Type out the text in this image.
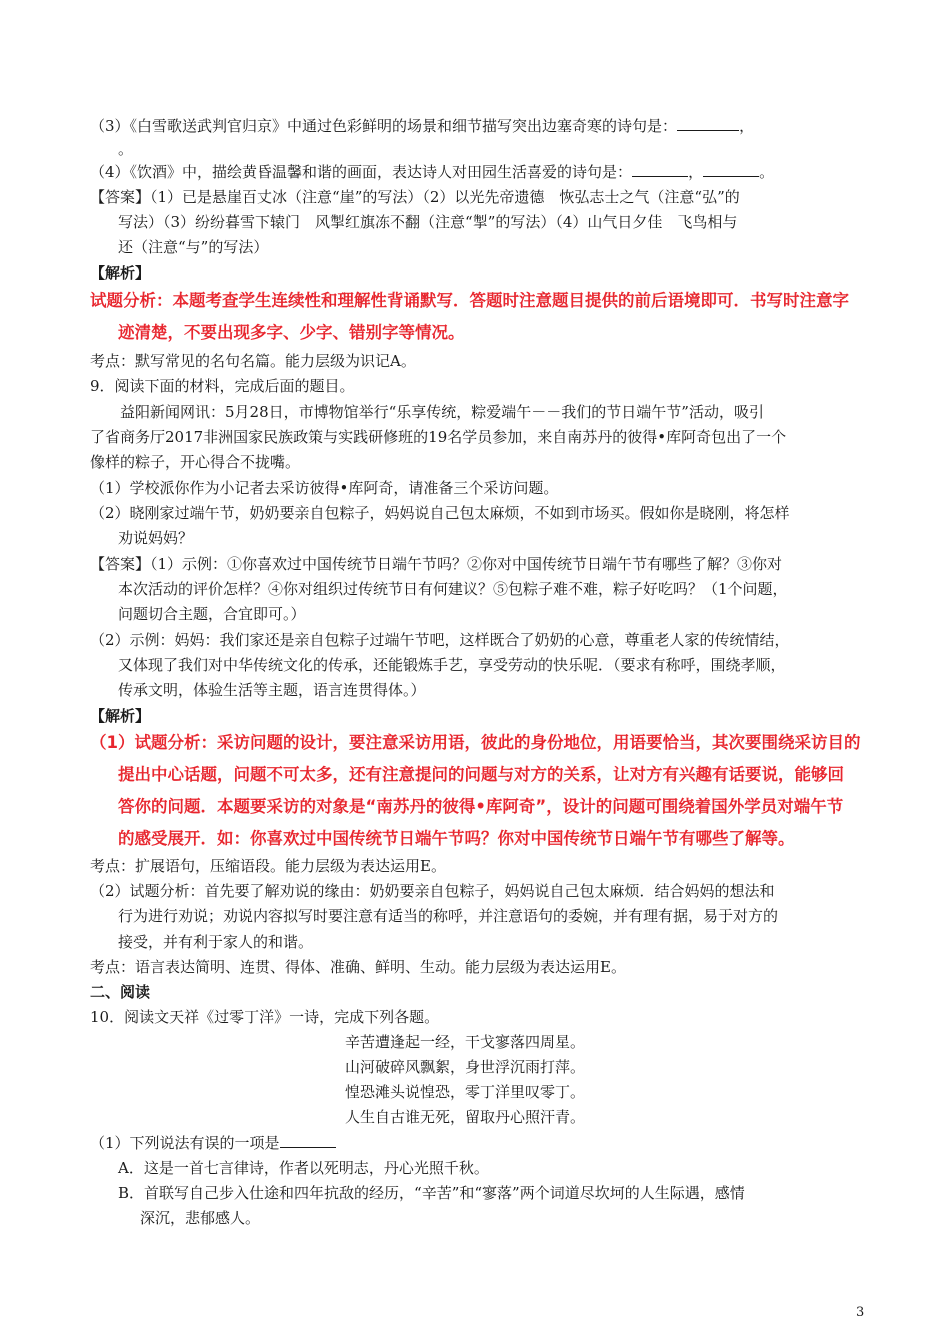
（3）《白雪歌送武判官归京》中通过色彩鲜明的场景和细节描写突出边塞奇寒的诗句是：	，
。
（4）《饮酒》中，描绘黄昏温馨和谐的画面，表达诗人对田园生活喜爱的诗句是：	，	。
【答案】（1）已是悬崖百丈冰（注意“崖”的写法）（2）以光先帝遗德　恢弘志士之气（注意“弘”的
写法）（3）纷纷暮雪下辕门　风掣红旗冻不翻（注意“掣”的写法）（4）山气日夕佳　飞鸟相与
还（注意“与”的写法）
【解析】
试题分析：本题考查学生连续性和理解性背诵默写．答题时注意题目提供的前后语境即可．书写时注意字
迹清楚，不要出现多字、少字、错别字等情况。
考点：默写常见的名句名篇。能力层级为识记A。
9．阅读下面的材料，完成后面的题目。
益阳新闻网讯：5月28日，市博物馆举行“乐享传统，粽爱端午－－我们的节日端午节”活动，吸引
了省商务厅2017非洲国家民族政策与实践研修班的19名学员参加，来自南苏丹的彼得•库阿奇包出了一个
像样的粽子，开心得合不拢嘴。
（1）学校派你作为小记者去采访彼得•库阿奇，请准备三个采访问题。
（2）晓刚家过端午节，奶奶要亲自包粽子，妈妈说自己包太麻烦，不如到市场买。假如你是晓刚，将怎样
劝说妈妈？
【答案】（1）示例：①你喜欢过中国传统节日端午节吗？②你对中国传统节日端午节有哪些了解？③你对
本次活动的评价怎样？④你对组织过传统节日有何建议？⑤包粽子难不难，粽子好吃吗？（1个问题，
问题切合主题，合宜即可。）
（2）示例：妈妈：我们家还是亲自包粽子过端午节吧，这样既合了奶奶的心意，尊重老人家的传统情结，
又体现了我们对中华传统文化的传承，还能锻炼手艺，享受劳动的快乐呢．（要求有称呼，围绕孝顺，
传承文明，体验生活等主题，语言连贯得体。）
【解析】
（1）试题分析：采访问题的设计，要注意采访用语，彼此的身份地位，用语要恰当，其次要围绕采访目的
提出中心话题，问题不可太多，还有注意提问的问题与对方的关系，让对方有兴趣有话要说，能够回
答你的问题．本题要采访的对象是“南苏丹的彼得•库阿奇”，设计的问题可围绕着国外学员对端午节
的感受展开．如：你喜欢过中国传统节日端午节吗？你对中国传统节日端午节有哪些了解等。
考点：扩展语句，压缩语段。能力层级为表达运用E。
（2）试题分析：首先要了解劝说的缘由：奶奶要亲自包粽子，妈妈说自己包太麻烦．结合妈妈的想法和
行为进行劝说；劝说内容拟写时要注意有适当的称呼，并注意语句的委婉，并有理有据，易于对方的
接受，并有利于家人的和谐。
考点：语言表达简明、连贯、得体、准确、鲜明、生动。能力层级为表达运用E。
二、阅读
10．阅读文天祥《过零丁洋》一诗，完成下列各题。
辛苦遭逢起一经，干戈寥落四周星。
山河破碎风飘絮，身世浮沉雨打萍。
惶恐滩头说惶恐，零丁洋里叹零丁。
人生自古谁无死，留取丹心照汗青。
（1）下列说法有误的一项是
A．这是一首七言律诗，作者以死明志，丹心光照千秋。
B．首联写自己步入仕途和四年抗敌的经历，“辛苦”和“寥落”两个词道尽坎坷的人生际遇，感情
深沉，悲郁感人。
3
